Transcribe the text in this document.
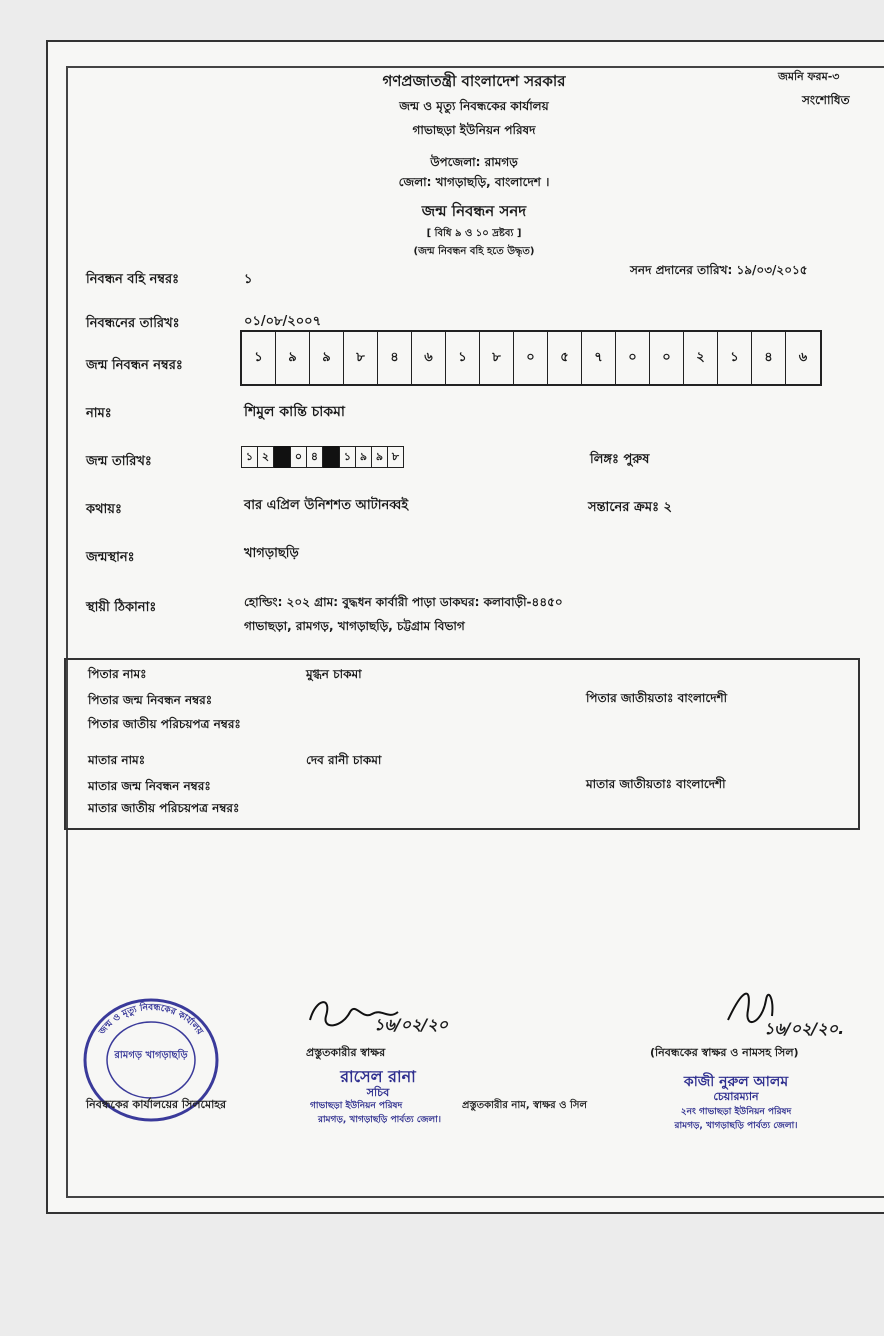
গণপ্রজাতন্ত্রী বাংলাদেশ সরকার
জন্ম ও মৃত্যু নিবন্ধকের কার্যালয়
গাভাছড়া ইউনিয়ন পরিষদ
উপজেলা: রামগড়
জেলা: খাগড়াছড়ি, বাংলাদেশ ।
জন্ম নিবন্ধন সনদ
[ বিধি ৯ ও ১০ দ্রষ্টব্য ]
(জন্ম নিবন্ধন বহি হতে উদ্ধৃত)
জমনি ফরম-৩
সংশোধিত
নিবন্ধন বহি নম্বরঃ	১
সনদ প্রদানের তারিখ: ১৯/০৩/২০১৫
নিবন্ধনের তারিখঃ	০১/০৮/২০০৭
জন্ম নিবন্ধন নম্বরঃ
১	৯	৯	৮	৪	৬	১	৮	০	৫	৭	০	০	২	১	৪	৬
নামঃ	শিমুল কান্তি চাকমা
জন্ম তারিখঃ	১ ২	০ ৪	১ ৯ ৯ ৮	লিঙ্গঃ পুরুষ
কথায়ঃ	বার এপ্রিল উনিশশত আটানব্বই	সন্তানের ক্রমঃ ২
জন্মস্থানঃ	খাগড়াছড়ি
স্থায়ী ঠিকানাঃ	হোল্ডিং: ২০২ গ্রাম: বুদ্ধধন কার্বারী পাড়া ডাকঘর: কলাবাড়ী-৪৪৫০
গাভাছড়া, রামগড়, খাগড়াছড়ি, চট্টগ্রাম বিভাগ
পিতার নামঃ	মুগ্ধন চাকমা
পিতার জন্ম নিবন্ধন নম্বরঃ	পিতার জাতীয়তাঃ বাংলাদেশী
পিতার জাতীয় পরিচয়পত্র নম্বরঃ
মাতার নামঃ	দেব রানী চাকমা
মাতার জন্ম নিবন্ধন নম্বরঃ	মাতার জাতীয়তাঃ বাংলাদেশী
মাতার জাতীয় পরিচয়পত্র নম্বরঃ
রামগড় খাগড়াছড়ি
জন্ম ও মৃত্যু নিবন্ধকের কার্যালয়
নিবন্ধকের কার্যালয়ের সিলমোহর
১৬/০২/২০
প্রস্তুতকারীর স্বাক্ষর
রাসেল রানা
সচিব
গাভাছড়া ইউনিয়ন পরিষদ	প্রস্তুতকারীর নাম, স্বাক্ষর ও সিল
রামগড়, খাগড়াছড়ি পার্বত্য জেলা।
১৬/০২/২০.
(নিবন্ধকের স্বাক্ষর ও নামসহ সিল)
কাজী নুরুল আলম
চেয়ারম্যান
২নং গাভাছড়া ইউনিয়ন পরিষদ
রামগড়, খাগড়াছড়ি পার্বত্য জেলা।
